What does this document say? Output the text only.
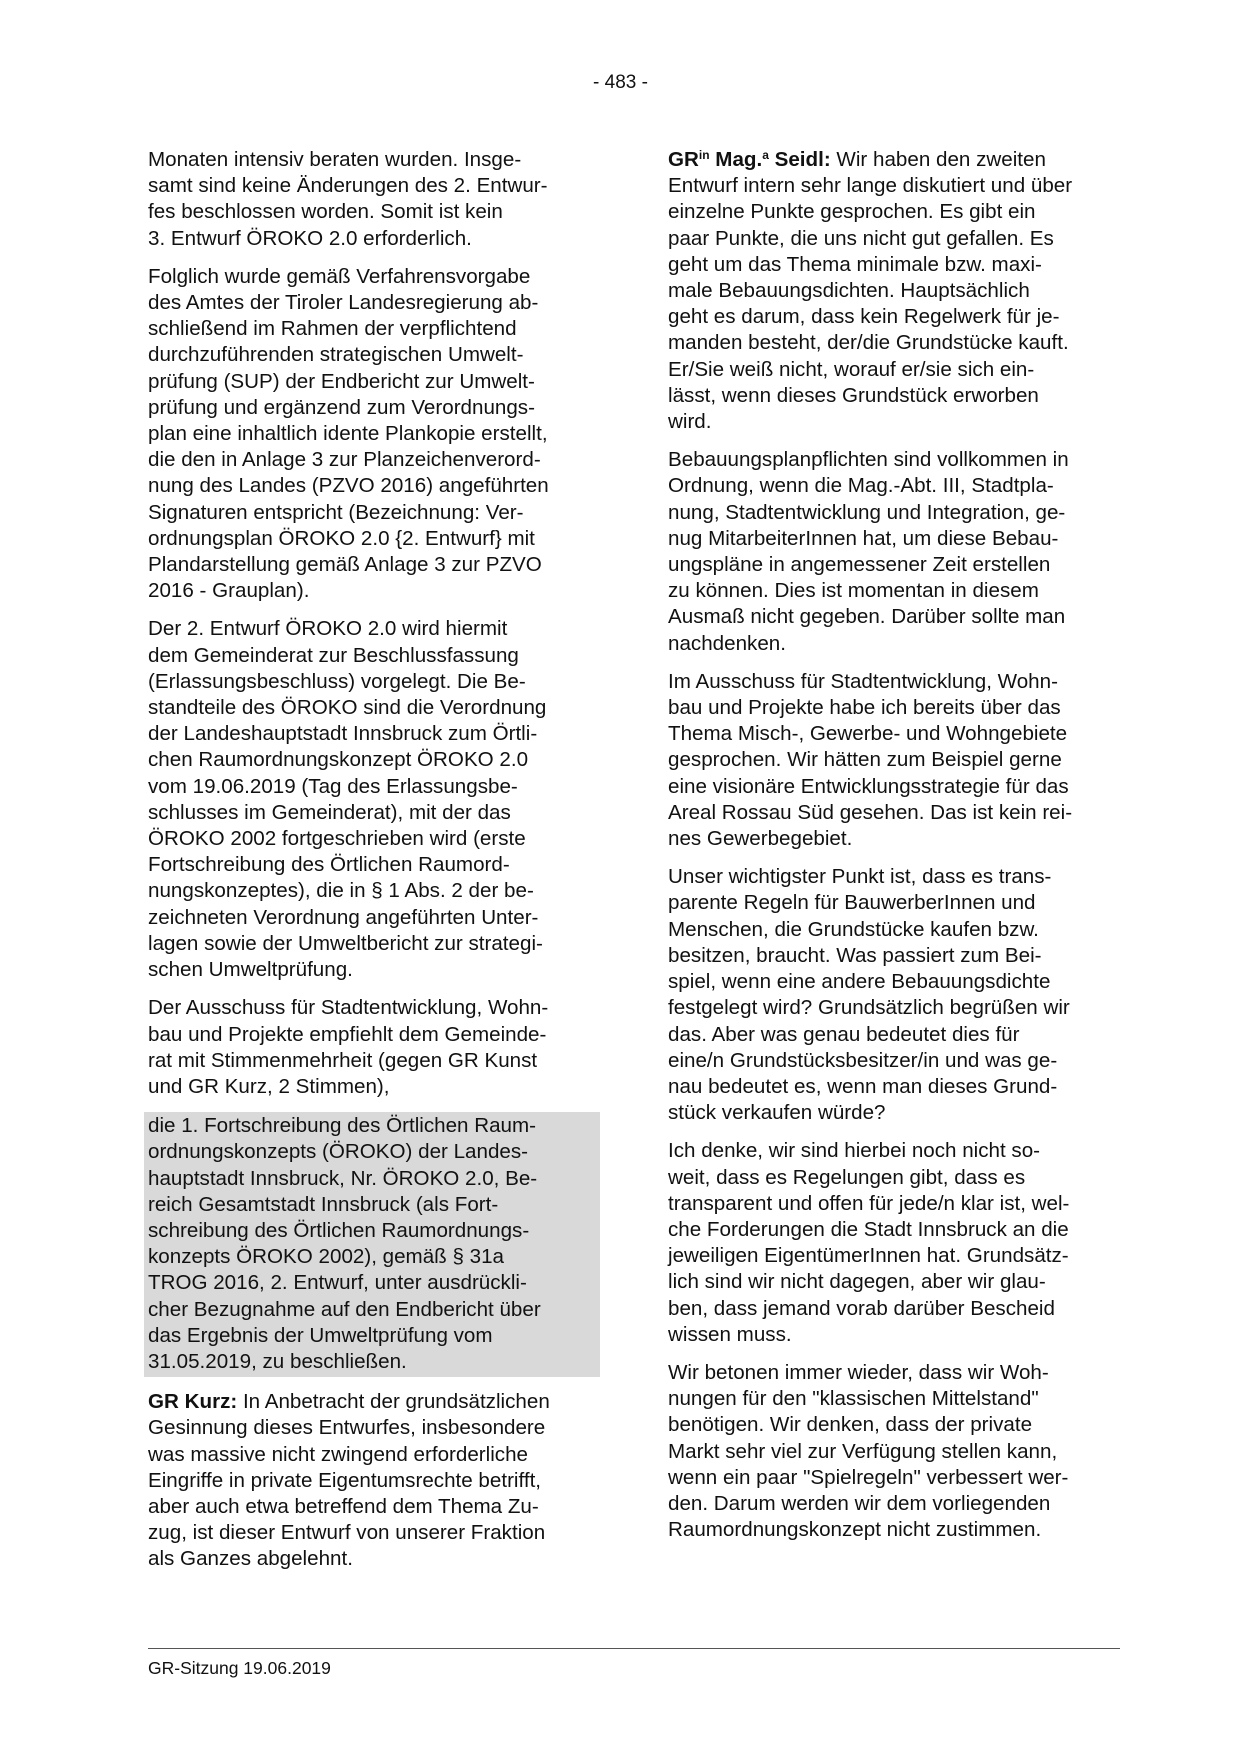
- 483 -
Monaten intensiv beraten wurden. Insge-
samt sind keine Änderungen des 2. Entwur-
fes beschlossen worden. Somit ist kein
3. Entwurf ÖROKO 2.0 erforderlich.
Folglich wurde gemäß Verfahrensvorgabe
des Amtes der Tiroler Landesregierung ab-
schließend im Rahmen der verpflichtend
durchzuführenden strategischen Umwelt-
prüfung (SUP) der Endbericht zur Umwelt-
prüfung und ergänzend zum Verordnungs-
plan eine inhaltlich idente Plankopie erstellt,
die den in Anlage 3 zur Planzeichenverord-
nung des Landes (PZVO 2016) angeführten
Signaturen entspricht (Bezeichnung: Ver-
ordnungsplan ÖROKO 2.0 {2. Entwurf} mit
Plandarstellung gemäß Anlage 3 zur PZVO
2016 - Grauplan).
Der 2. Entwurf ÖROKO 2.0 wird hiermit
dem Gemeinderat zur Beschlussfassung
(Erlassungsbeschluss) vorgelegt. Die Be-
standteile des ÖROKO sind die Verordnung
der Landeshauptstadt Innsbruck zum Örtli-
chen Raumordnungskonzept ÖROKO 2.0
vom 19.06.2019 (Tag des Erlassungsbe-
schlusses im Gemeinderat), mit der das
ÖROKO 2002 fortgeschrieben wird (erste
Fortschreibung des Örtlichen Raumord-
nungskonzeptes), die in § 1 Abs. 2 der be-
zeichneten Verordnung angeführten Unter-
lagen sowie der Umweltbericht zur strategi-
schen Umweltprüfung.
Der Ausschuss für Stadtentwicklung, Wohn-
bau und Projekte empfiehlt dem Gemeinde-
rat mit Stimmenmehrheit (gegen GR Kunst
und GR Kurz, 2 Stimmen),
die 1. Fortschreibung des Örtlichen Raum-
ordnungskonzepts (ÖROKO) der Landes-
hauptstadt Innsbruck, Nr. ÖROKO 2.0, Be-
reich Gesamtstadt Innsbruck (als Fort-
schreibung des Örtlichen Raumordnungs-
konzepts ÖROKO 2002), gemäß § 31a
TROG 2016, 2. Entwurf, unter ausdrückli-
cher Bezugnahme auf den Endbericht über
das Ergebnis der Umweltprüfung vom
31.05.2019, zu beschließen.
GR Kurz: In Anbetracht der grundsätzlichen
Gesinnung dieses Entwurfes, insbesondere
was massive nicht zwingend erforderliche
Eingriffe in private Eigentumsrechte betrifft,
aber auch etwa betreffend dem Thema Zu-
zug, ist dieser Entwurf von unserer Fraktion
als Ganzes abgelehnt.
$GR^{in}$ Mag.$^a$ Seidl: Wir haben den zweiten
Entwurf intern sehr lange diskutiert und über
einzelne Punkte gesprochen. Es gibt ein
paar Punkte, die uns nicht gut gefallen. Es
geht um das Thema minimale bzw. maxi-
male Bebauungsdichten. Hauptsächlich
geht es darum, dass kein Regelwerk für je-
manden besteht, der/die Grundstücke kauft.
Er/Sie weiß nicht, worauf er/sie sich ein-
lässt, wenn dieses Grundstück erworben
wird.
Bebauungsplanpflichten sind vollkommen in
Ordnung, wenn die Mag.-Abt. III, Stadtpla-
nung, Stadtentwicklung und Integration, ge-
nug MitarbeiterInnen hat, um diese Bebau-
ungspläne in angemessener Zeit erstellen
zu können. Dies ist momentan in diesem
Ausmaß nicht gegeben. Darüber sollte man
nachdenken.
Im Ausschuss für Stadtentwicklung, Wohn-
bau und Projekte habe ich bereits über das
Thema Misch-, Gewerbe- und Wohngebiete
gesprochen. Wir hätten zum Beispiel gerne
eine visionäre Entwicklungsstrategie für das
Areal Rossau Süd gesehen. Das ist kein rei-
nes Gewerbegebiet.
Unser wichtigster Punkt ist, dass es trans-
parente Regeln für BauwerberInnen und
Menschen, die Grundstücke kaufen bzw.
besitzen, braucht. Was passiert zum Bei-
spiel, wenn eine andere Bebauungsdichte
festgelegt wird? Grundsätzlich begrüßen wir
das. Aber was genau bedeutet dies für
eine/n Grundstücksbesitzer/in und was ge-
nau bedeutet es, wenn man dieses Grund-
stück verkaufen würde?
Ich denke, wir sind hierbei noch nicht so-
weit, dass es Regelungen gibt, dass es
transparent und offen für jede/n klar ist, wel-
che Forderungen die Stadt Innsbruck an die
jeweiligen EigentümerInnen hat. Grundsätz-
lich sind wir nicht dagegen, aber wir glau-
ben, dass jemand vorab darüber Bescheid
wissen muss.
Wir betonen immer wieder, dass wir Woh-
nungen für den "klassischen Mittelstand"
benötigen. Wir denken, dass der private
Markt sehr viel zur Verfügung stellen kann,
wenn ein paar "Spielregeln" verbessert wer-
den. Darum werden wir dem vorliegenden
Raumordnungskonzept nicht zustimmen.
GR-Sitzung 19.06.2019
